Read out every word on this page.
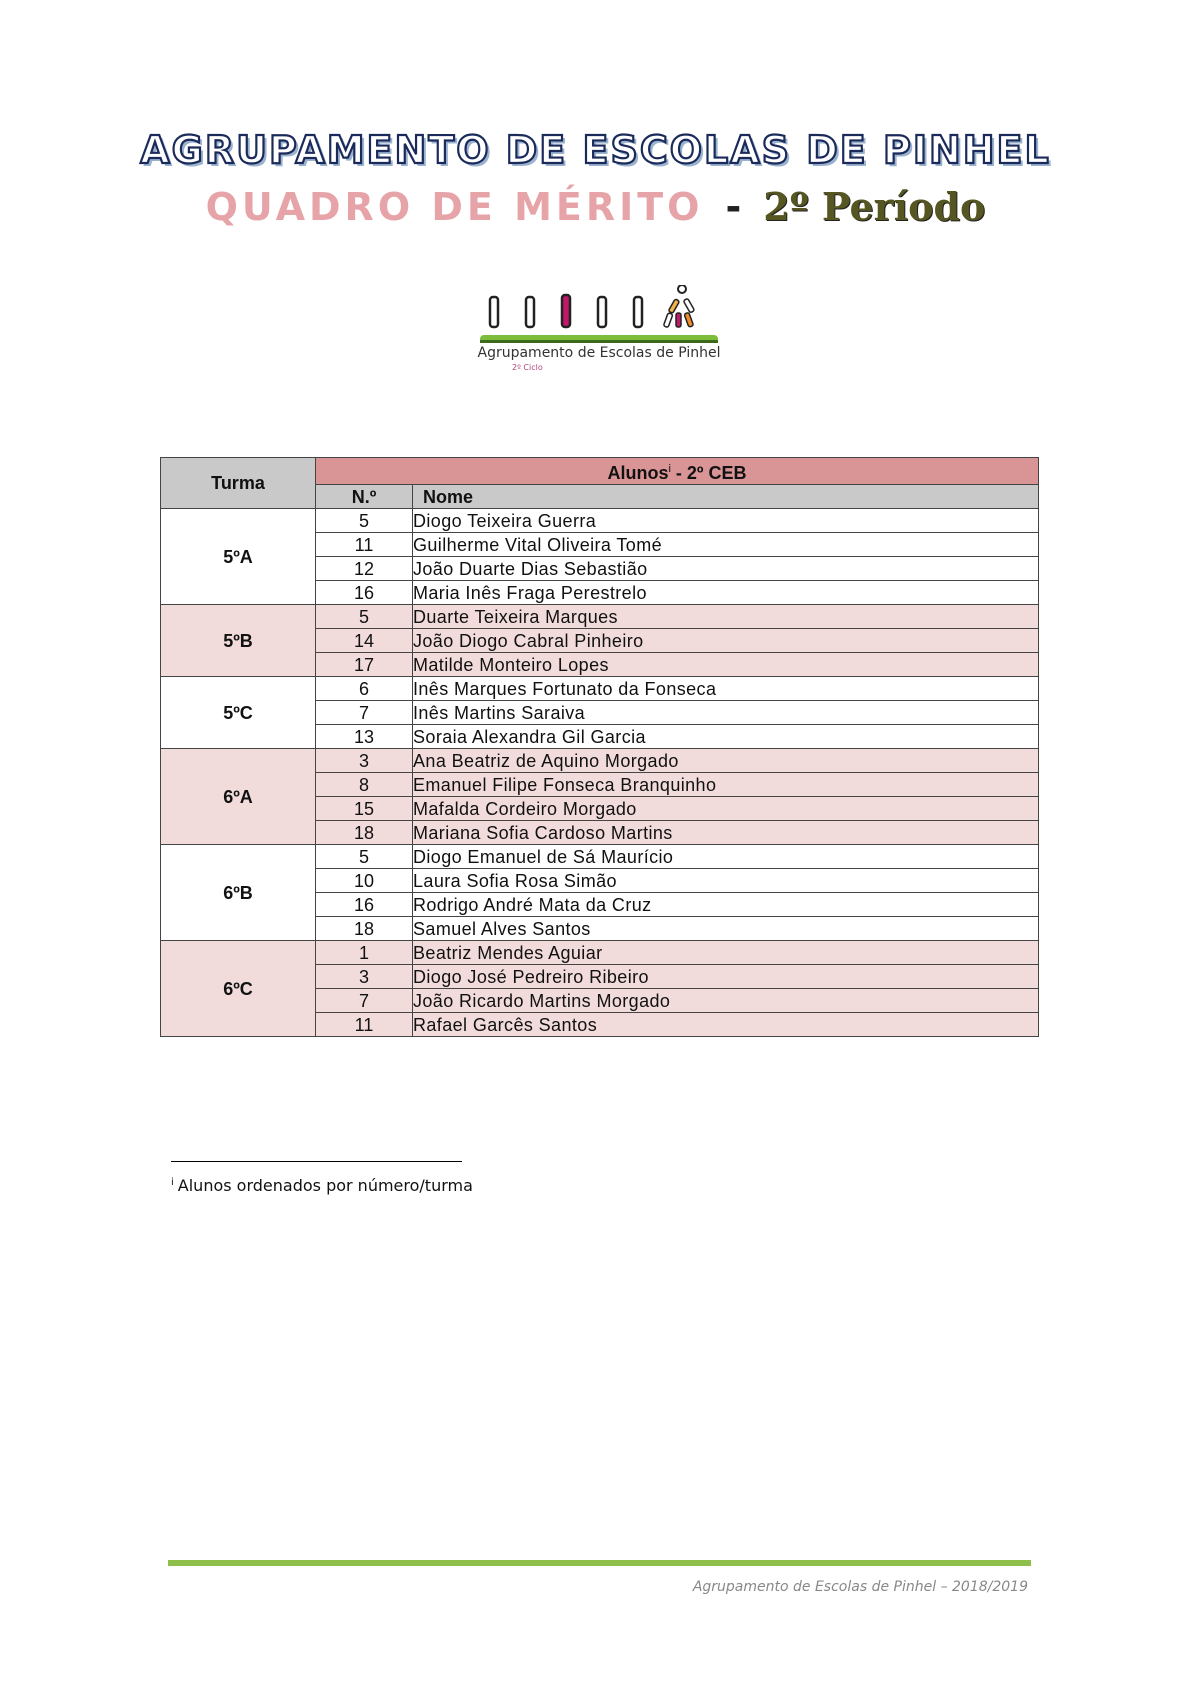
AGRUPAMENTO DE ESCOLAS DE PINHEL
QUADRO DE MÉRITO - 2º Período
Agrupamento de Escolas de Pinhel
2º Ciclo
Turma	Alunos$^i$ - 2º CEB	
	N.º	Nome
5ºA	5	Diogo Teixeira Guerra
	11	Guilherme Vital Oliveira Tomé
	12	João Duarte Dias Sebastião
	16	Maria Inês Fraga Perestrelo
5ºB	5	Duarte Teixeira Marques
	14	João Diogo Cabral Pinheiro
	17	Matilde Monteiro Lopes
5ºC	6	Inês Marques Fortunato da Fonseca
	7	Inês Martins Saraiva
	13	Soraia Alexandra Gil Garcia
6ºA	3	Ana Beatriz de Aquino Morgado
	8	Emanuel Filipe Fonseca Branquinho
	15	Mafalda Cordeiro Morgado
	18	Mariana Sofia Cardoso Martins
6ºB	5	Diogo Emanuel de Sá Maurício
	10	Laura Sofia Rosa Simão
	16	Rodrigo André Mata da Cruz
	18	Samuel Alves Santos
6ºC	1	Beatriz Mendes Aguiar
	3	Diogo José Pedreiro Ribeiro
	7	João Ricardo Martins Morgado
	11	Rafael Garcês Santos
$^i$ Alunos ordenados por número/turma
Agrupamento de Escolas de Pinhel – 2018/2019
